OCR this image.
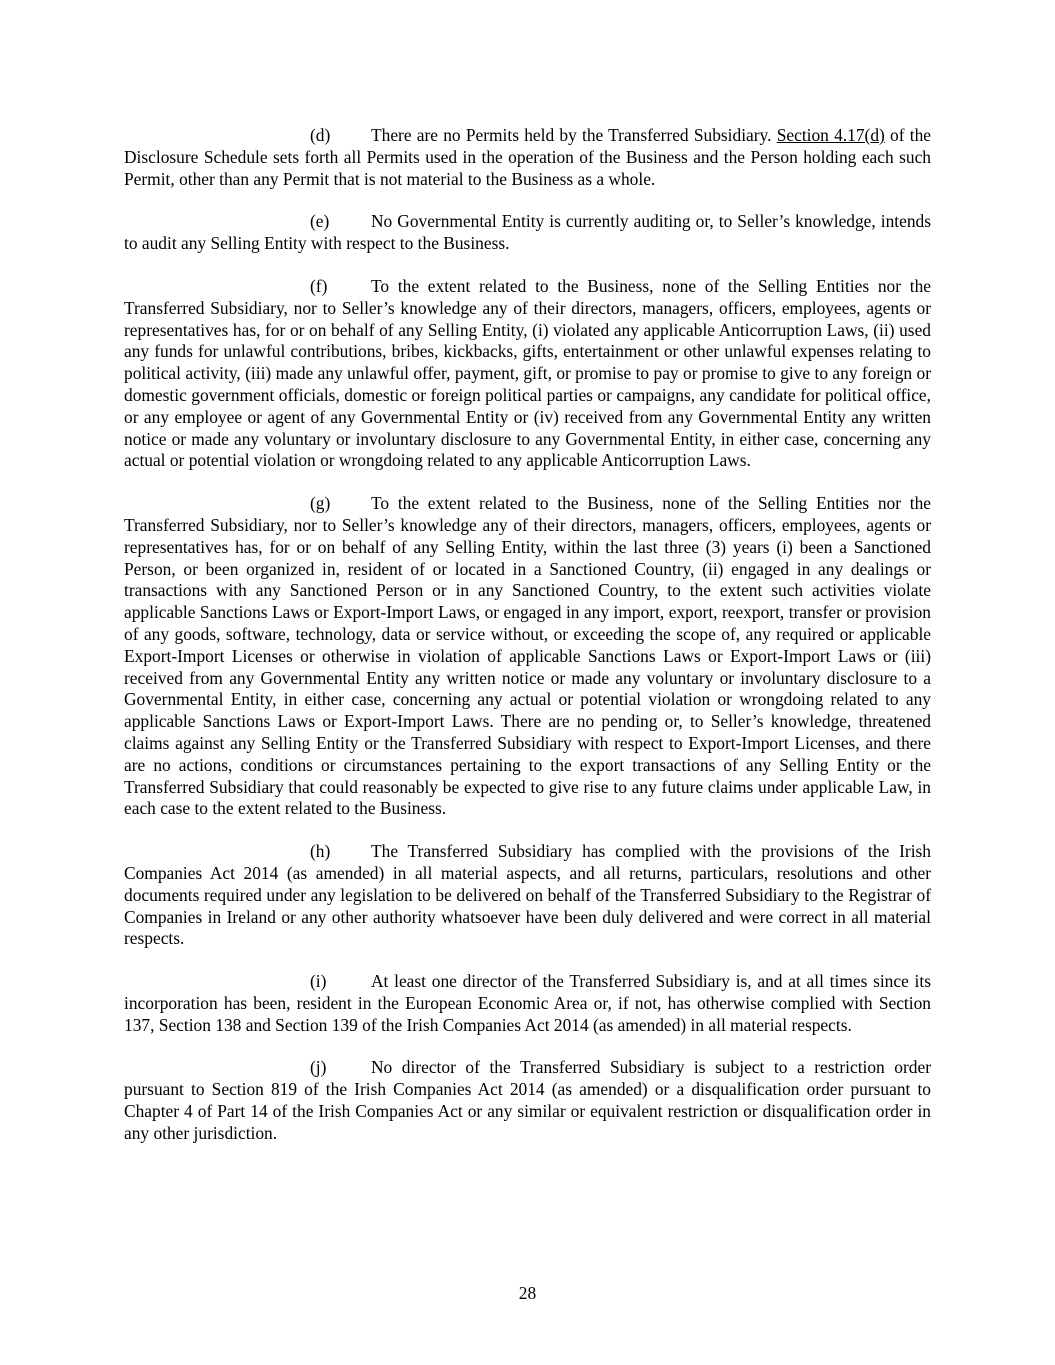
(d) There are no Permits held by the Transferred Subsidiary. Section 4.17(d) of the Disclosure Schedule sets forth all Permits used in the operation of the Business and the Person holding each such Permit, other than any Permit that is not material to the Business as a whole.

(e) No Governmental Entity is currently auditing or, to Seller’s knowledge, intends to audit any Selling Entity with respect to the Business.

(f)	To the extent related to the Business, none of the Selling Entities nor the Transferred Subsidiary, nor to Seller’s knowledge any of their directors, managers, officers, employees, agents or representatives has, for or on behalf of any Selling Entity, (i) violated any applicable Anticorruption Laws, (ii) used any funds for unlawful contributions, bribes, kickbacks, gifts, entertainment or other unlawful expenses relating to political activity, (iii) made any unlawful offer, payment, gift, or promise to pay or promise to give to any foreign or domestic government officials, domestic or foreign political parties or campaigns, any candidate for political office, or any employee or agent of any Governmental Entity or (iv) received from any Governmental Entity any written notice or made any voluntary or involuntary disclosure to any Governmental Entity, in either case, concerning any actual or potential violation or wrongdoing related to any applicable Anticorruption Laws.

(g) To the extent related to the Business, none of the Selling Entities nor the Transferred Subsidiary, nor to Seller’s knowledge any of their directors, managers, officers, employees, agents or representatives has, for or on behalf of any Selling Entity, within the last three (3) years (i) been a Sanctioned Person, or been organized in, resident of or located in a Sanctioned Country, (ii) engaged in any dealings or transactions with any Sanctioned Person or in any Sanctioned Country, to the extent such activities violate applicable Sanctions Laws or Export-Import Laws, or engaged in any import, export, reexport, transfer or provision of any goods, software, technology, data or service without, or exceeding the scope of, any required or applicable Export-Import Licenses or otherwise in violation of applicable Sanctions Laws or Export-Import Laws or (iii) received from any Governmental Entity any written notice or made any voluntary or involuntary disclosure to a Governmental Entity, in either case, concerning any actual or potential violation or wrongdoing related to any applicable Sanctions Laws or Export-Import Laws. There are no pending or, to Seller’s knowledge, threatened claims against any Selling Entity or the Transferred Subsidiary with respect to Export-Import Licenses, and there are no actions, conditions or circumstances pertaining to the export transactions of any Selling Entity or the Transferred Subsidiary that could reasonably be expected to give rise to any future claims under applicable Law, in each case to the extent related to the Business.

(h) The Transferred Subsidiary has complied with the provisions of the Irish Companies Act 2014 (as amended) in all material aspects, and all returns, particulars, resolutions and other documents required under any legislation to be delivered on behalf of the Transferred Subsidiary to the Registrar of Companies in Ireland or any other authority whatsoever have been duly delivered and were correct in all material respects.

(i)	At least one director of the Transferred Subsidiary is, and at all times since its incorporation has been, resident in the European Economic Area or, if not, has otherwise complied with Section 137, Section 138 and Section 139 of the Irish Companies Act 2014 (as amended) in all material respects.

(j)	No director of the Transferred Subsidiary is subject to a restriction order pursuant to Section 819 of the Irish Companies Act 2014 (as amended) or a disqualification order pursuant to Chapter 4 of Part 14 of the Irish Companies Act or any similar or equivalent restriction or disqualification order in any other jurisdiction.

28
